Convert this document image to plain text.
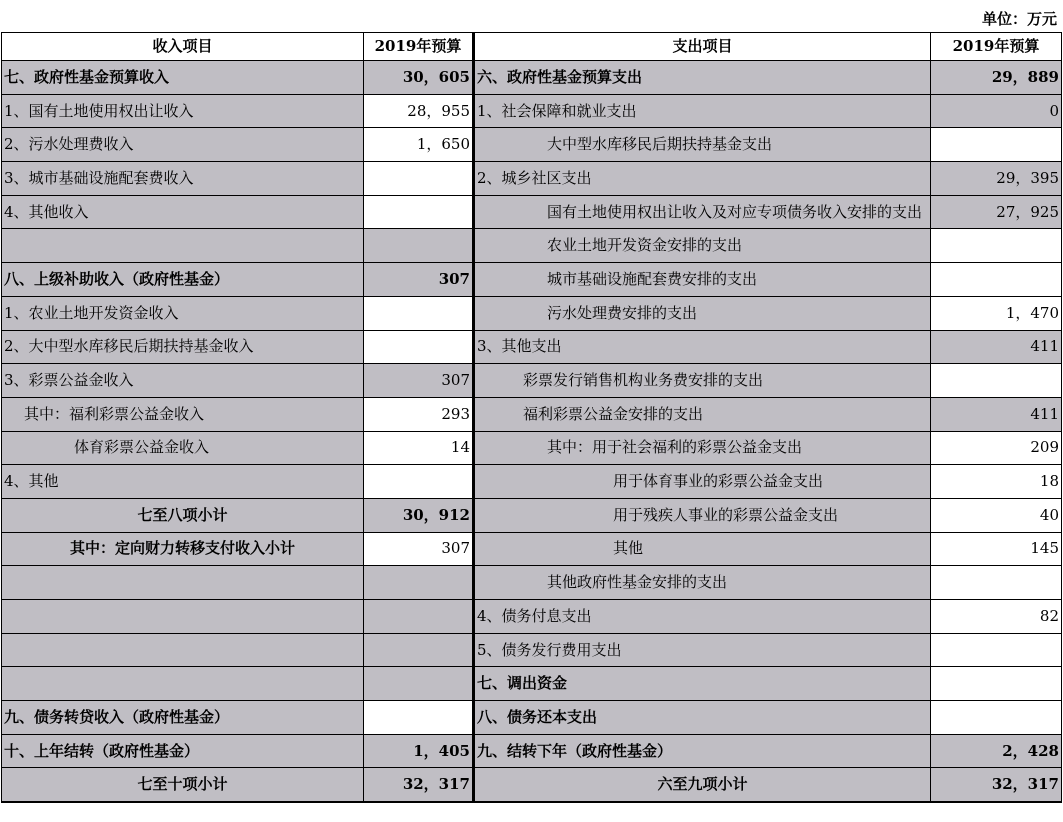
单位：万元
收入项目	2019年预算	支出项目	2019年预算
七、政府性基金预算收入	30，605	六、政府性基金预算支出	29，889
1、国有土地使用权出让收入	28，955	1、社会保障和就业支出	0
2、污水处理费收入	1，650	大中型水库移民后期扶持基金支出	
3、城市基础设施配套费收入		2、城乡社区支出	29，395
4、其他收入		国有土地使用权出让收入及对应专项债务收入安排的支出	27，925
		农业土地开发资金安排的支出	
八、上级补助收入（政府性基金）	307	城市基础设施配套费安排的支出	
1、农业土地开发资金收入		污水处理费安排的支出	1，470
2、大中型水库移民后期扶持基金收入		3、其他支出	411
3、彩票公益金收入	307	彩票发行销售机构业务费安排的支出	
其中：福利彩票公益金收入	293	福利彩票公益金安排的支出	411
体育彩票公益金收入	14	其中：用于社会福利的彩票公益金支出	209
4、其他		用于体育事业的彩票公益金支出	18
七至八项小计	30，912	用于残疾人事业的彩票公益金支出	40
其中：定向财力转移支付收入小计	307	其他	145
		其他政府性基金安排的支出	
		4、债务付息支出	82
		5、债务发行费用支出	
		七、调出资金	
九、债务转贷收入（政府性基金）		八、债务还本支出	
十、上年结转（政府性基金）	1，405	九、结转下年（政府性基金）	2，428
七至十项小计	32，317	六至九项小计	32，317
